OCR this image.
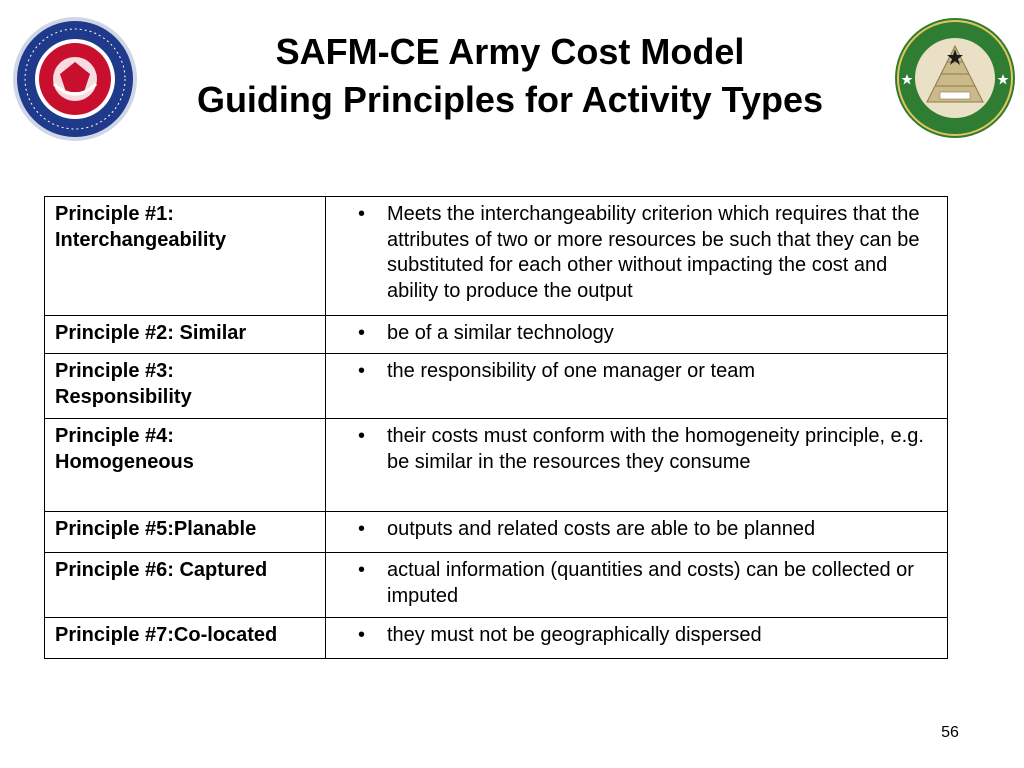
SAFM-CE Army Cost Model
Guiding Principles for Activity Types
Principle #1: Interchangeability	• Meets the interchangeability criterion which requires that the attributes of two or more resources be such that they can be substituted for each other without impacting the cost and ability to produce the output

Principle #2: Similar	• be of a similar technology

Principle #3: Responsibility	• the responsibility of one manager or team

Principle #4: Homogeneous	• their costs must conform with the homogeneity principle, e.g. be similar in the resources they consume

Principle #5:Planable	• outputs and related costs are able to be planned

Principle #6: Captured	• actual information (quantities and costs) can be collected or imputed

Principle #7:Co-located	• they must not be geographically dispersed
56
